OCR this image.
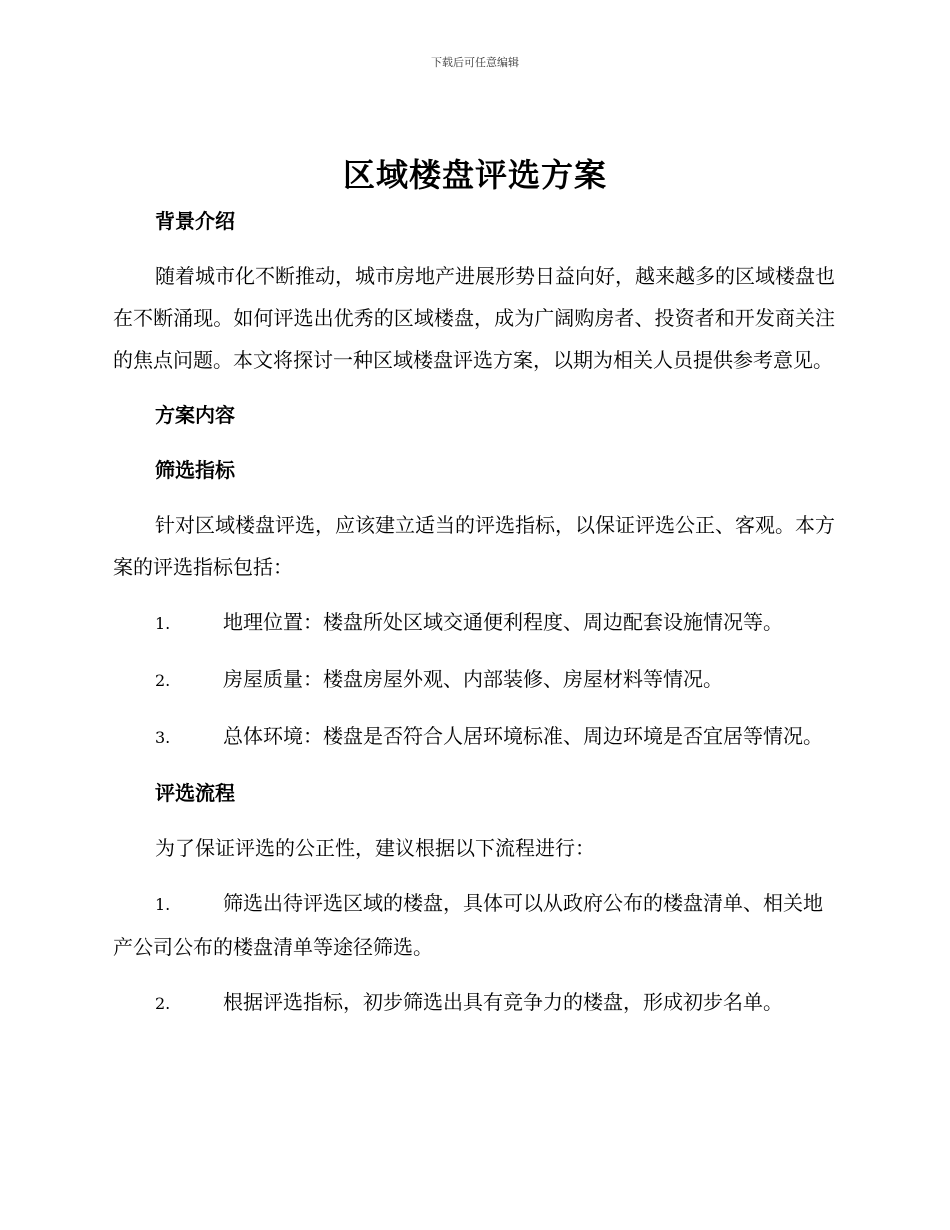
下载后可任意编辑
区域楼盘评选方案

背景介绍

随着城市化不断推动，城市房地产进展形势日益向好，越来越多的区域楼盘也在不断涌现。如何评选出优秀的区域楼盘，成为广阔购房者、投资者和开发商关注的焦点问题。本文将探讨一种区域楼盘评选方案，以期为相关人员提供参考意见。

方案内容

筛选指标

针对区域楼盘评选，应该建立适当的评选指标，以保证评选公正、客观。本方案的评选指标包括：

1.	地理位置：楼盘所处区域交通便利程度、周边配套设施情况等。

2.	房屋质量：楼盘房屋外观、内部装修、房屋材料等情况。

3.	总体环境：楼盘是否符合人居环境标准、周边环境是否宜居等情况。

评选流程

为了保证评选的公正性，建议根据以下流程进行：

1.	筛选出待评选区域的楼盘，具体可以从政府公布的楼盘清单、相关地产公司公布的楼盘清单等途径筛选。

2.	根据评选指标，初步筛选出具有竞争力的楼盘，形成初步名单。
